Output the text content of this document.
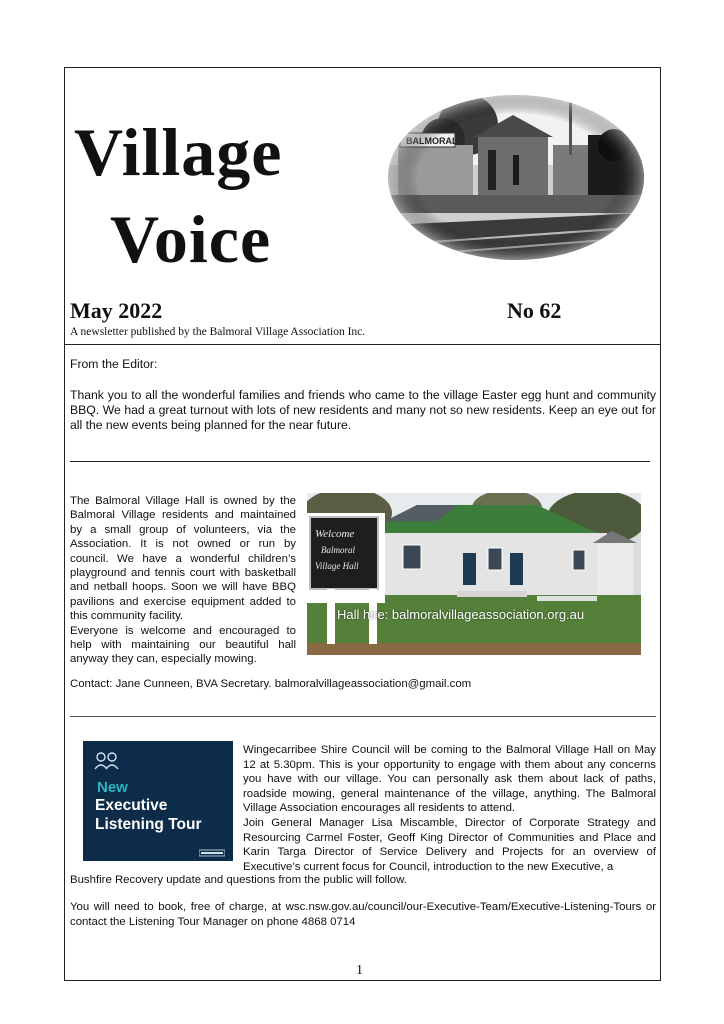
Village
Voice
May 2022	No 62
A newsletter published by the Balmoral Village Association Inc.
From the Editor:
Thank you to all the wonderful families and friends who came to the village Easter egg hunt and community BBQ. We had a great turnout with lots of new residents and many not so new residents. Keep an eye out for all the new events being planned for the near future.
The Balmoral Village Hall is owned by the Balmoral Village residents and maintained by a small group of volunteers, via the Association. It is not owned or run by council. We have a wonderful children’s playground and tennis court with basketball and netball hoops. Soon we will have BBQ pavilions and exercise equipment added to this community facility.
Everyone is welcome and encouraged to help with maintaining our beautiful hall anyway they can, especially mowing.
Contact: Jane Cunneen, BVA Secretary. balmoralvillageassociation@gmail.com
Welcome
Balmoral
Village Hall
Hall hire: balmoralvillageassociation.org.au
New
Executive
Listening Tour
Wingecarribee Shire Council will be coming to the Balmoral Village Hall on May 12 at 5.30pm. This is your opportunity to engage with them about any concerns you have with our village. You can personally ask them about lack of paths, roadside mowing, general maintenance of the village, anything. The Balmoral Village Association encourages all residents to attend.
Join General Manager Lisa Miscamble, Director of Corporate Strategy and Resourcing Carmel Foster, Geoff King Director of Communities and Place and Karin Targa Director of Service Delivery and Projects for an overview of Executive’s current focus for Council, introduction to the new Executive, a
Bushfire Recovery update and questions from the public will follow.
You will need to book, free of charge, at wsc.nsw.gov.au/council/our-Executive-Team/Executive-Listening-Tours or contact the Listening Tour Manager on phone 4868 0714
1
